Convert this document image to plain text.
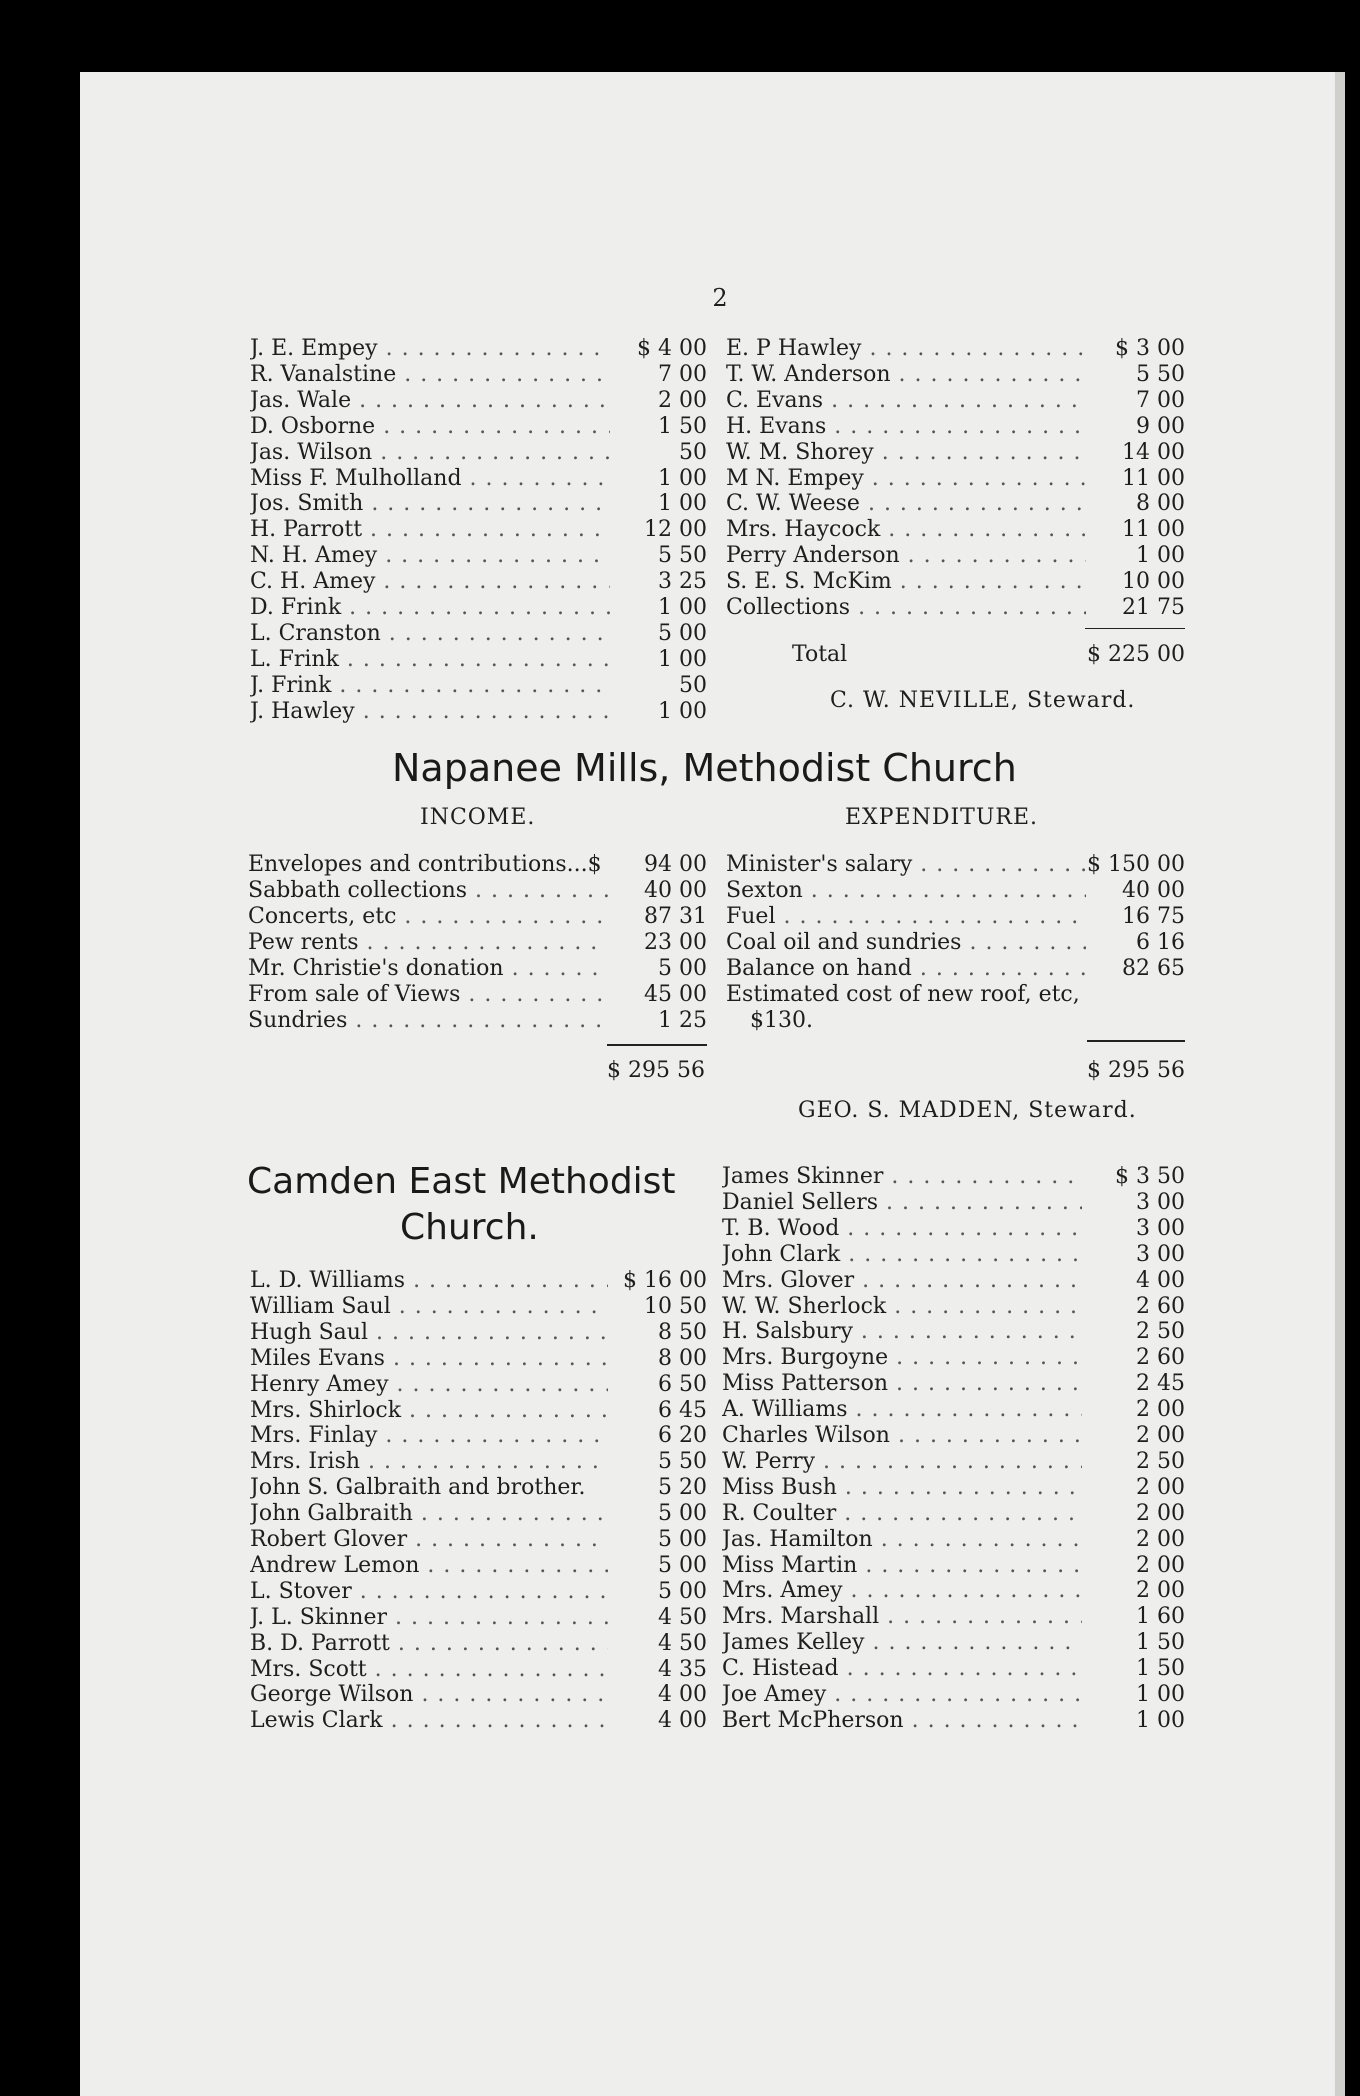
2
J. E. Empey . . .	$ 4 00
R. Vanalstine . . .	7 00
Jas. Wale . . .	2 00
D. Osborne . . .	1 50
Jas. Wilson . . .	50
Miss F. Mulholland . . .	1 00
Jos. Smith . . .	1 00
H. Parrott . . .	12 00
N. H. Amey . . .	5 50
C. H. Amey . . .	3 25
D. Frink . . .	1 00
L. Cranston . . .	5 00
L. Frink . . .	1 00
J. Frink . . .	50
J. Hawley . . .	1 00
E. P Hawley . . .	$ 3 00
T. W. Anderson . . .	5 50
C. Evans . . .	7 00
H. Evans . . .	9 00
W. M. Shorey . . .	14 00
M N. Empey . . .	11 00
C. W. Weese . . .	8 00
Mrs. Haycock . . .	11 00
Perry Anderson . . .	1 00
S. E. S. McKim . . .	10 00
Collections . . .	21 75
Total	$ 225 00
C. W. NEVILLE, Steward.
Napanee Mills, Methodist Church
INCOME.	EXPENDITURE.
Envelopes and contributions...$	94 00
Sabbath collections . . .	40 00
Concerts, etc . . .	87 31
Pew rents . . .	23 00
Mr. Christie's donation . . .	5 00
From sale of Views . . .	45 00
Sundries . . .	1 25
Minister's salary . . .	$ 150 00
Sexton . . .	40 00
Fuel . . .	16 75
Coal oil and sundries . . .	6 16
Balance on hand . . .	82 65
Estimated cost of new roof, etc,
$130.
$ 295 56	$ 295 56
GEO. S. MADDEN, Steward.
Camden East Methodist
Church.
L. D. Williams . . .	$ 16 00
William Saul . . .	10 50
Hugh Saul . . .	8 50
Miles Evans . . .	8 00
Henry Amey . . .	6 50
Mrs. Shirlock . . .	6 45
Mrs. Finlay . . .	6 20
Mrs. Irish . . .	5 50
John S. Galbraith and brother.	5 20
John Galbraith . . .	5 00
Robert Glover . . .	5 00
Andrew Lemon . . .	5 00
L. Stover . . .	5 00
J. L. Skinner . . .	4 50
B. D. Parrott . . .	4 50
Mrs. Scott . . .	4 35
George Wilson . . .	4 00
Lewis Clark . . .	4 00
James Skinner . . .	$ 3 50
Daniel Sellers . . .	3 00
T. B. Wood . . .	3 00
John Clark . . .	3 00
Mrs. Glover . . .	4 00
W. W. Sherlock . . .	2 60
H. Salsbury . . .	2 50
Mrs. Burgoyne . . .	2 60
Miss Patterson . . .	2 45
A. Williams . . .	2 00
Charles Wilson . . .	2 00
W. Perry . . .	2 50
Miss Bush . . .	2 00
R. Coulter . . .	2 00
Jas. Hamilton . . .	2 00
Miss Martin . . .	2 00
Mrs. Amey . . .	2 00
Mrs. Marshall . . .	1 60
James Kelley . . .	1 50
C. Histead . . .	1 50
Joe Amey . . .	1 00
Bert McPherson . . .	1 00
